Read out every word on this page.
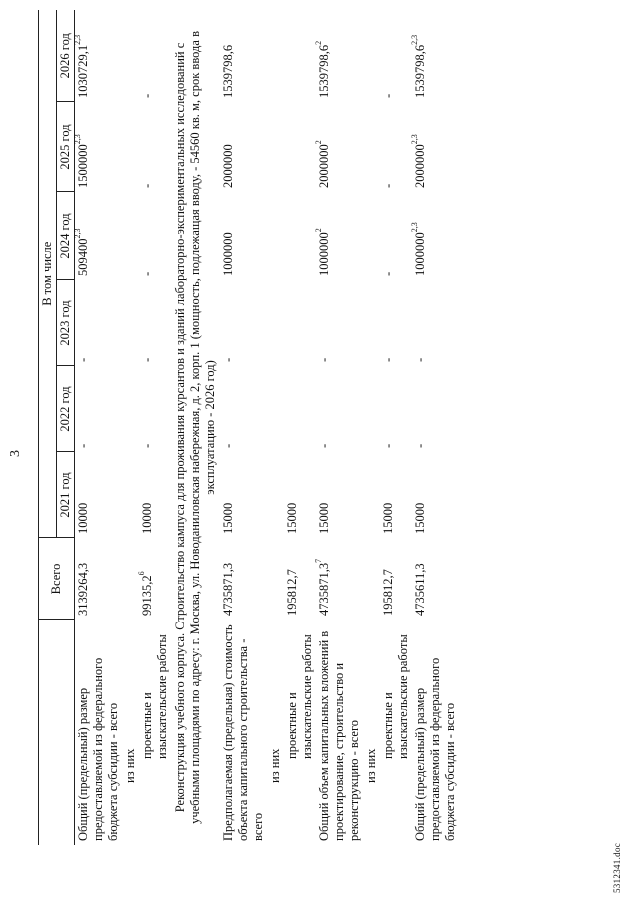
3
	Всего	В том числе					
		2021 год	2022 год	2023 год	2024 год	2025 год	2026 год
Общий (предельный) размер предоставляемой из федерального бюджета субсидии - всего	3139264,3	10000	-	-	509400$^{2,3}$	1500000$^{2,3}$	1030729,1$^{2,3}$
из них							
проектные и изыскательские работы	99135,2$^6$	10000	-	-	-	-	-
Реконструкция учебного корпуса. Строительство кампуса для проживания курсантов и зданий лабораторно-экспериментальных исследований с учебными площадями по адресу: г. Москва, ул. Новоданиловская набережная, д. 2, корп. 1 (мощность, подлежащая вводу, - 54560 кв. м, срок ввода в эксплуатацию - 2026 год)							
Предполагаемая (предельная) стоимость объекта капитального строительства - всего	4735871,3	15000	-	-	1000000	2000000	1539798,6
из них							
проектные и изыскательские работы	195812,7	15000					
Общий объем капитальных вложений в проектирование, строительство и реконструкцию - всего	4735871,3$^7$	15000	-	-	1000000$^2$	2000000$^2$	1539798,6$^2$
из них							
проектные и изыскательские работы	195812,7	15000	-	-	-	-	-
Общий (предельный) размер предоставляемой из федерального бюджета субсидии - всего	4735611,3	15000	-	-	1000000$^{2,3}$	2000000$^{2,3}$	1539798,6$^{2,3}$
5312341.doc
